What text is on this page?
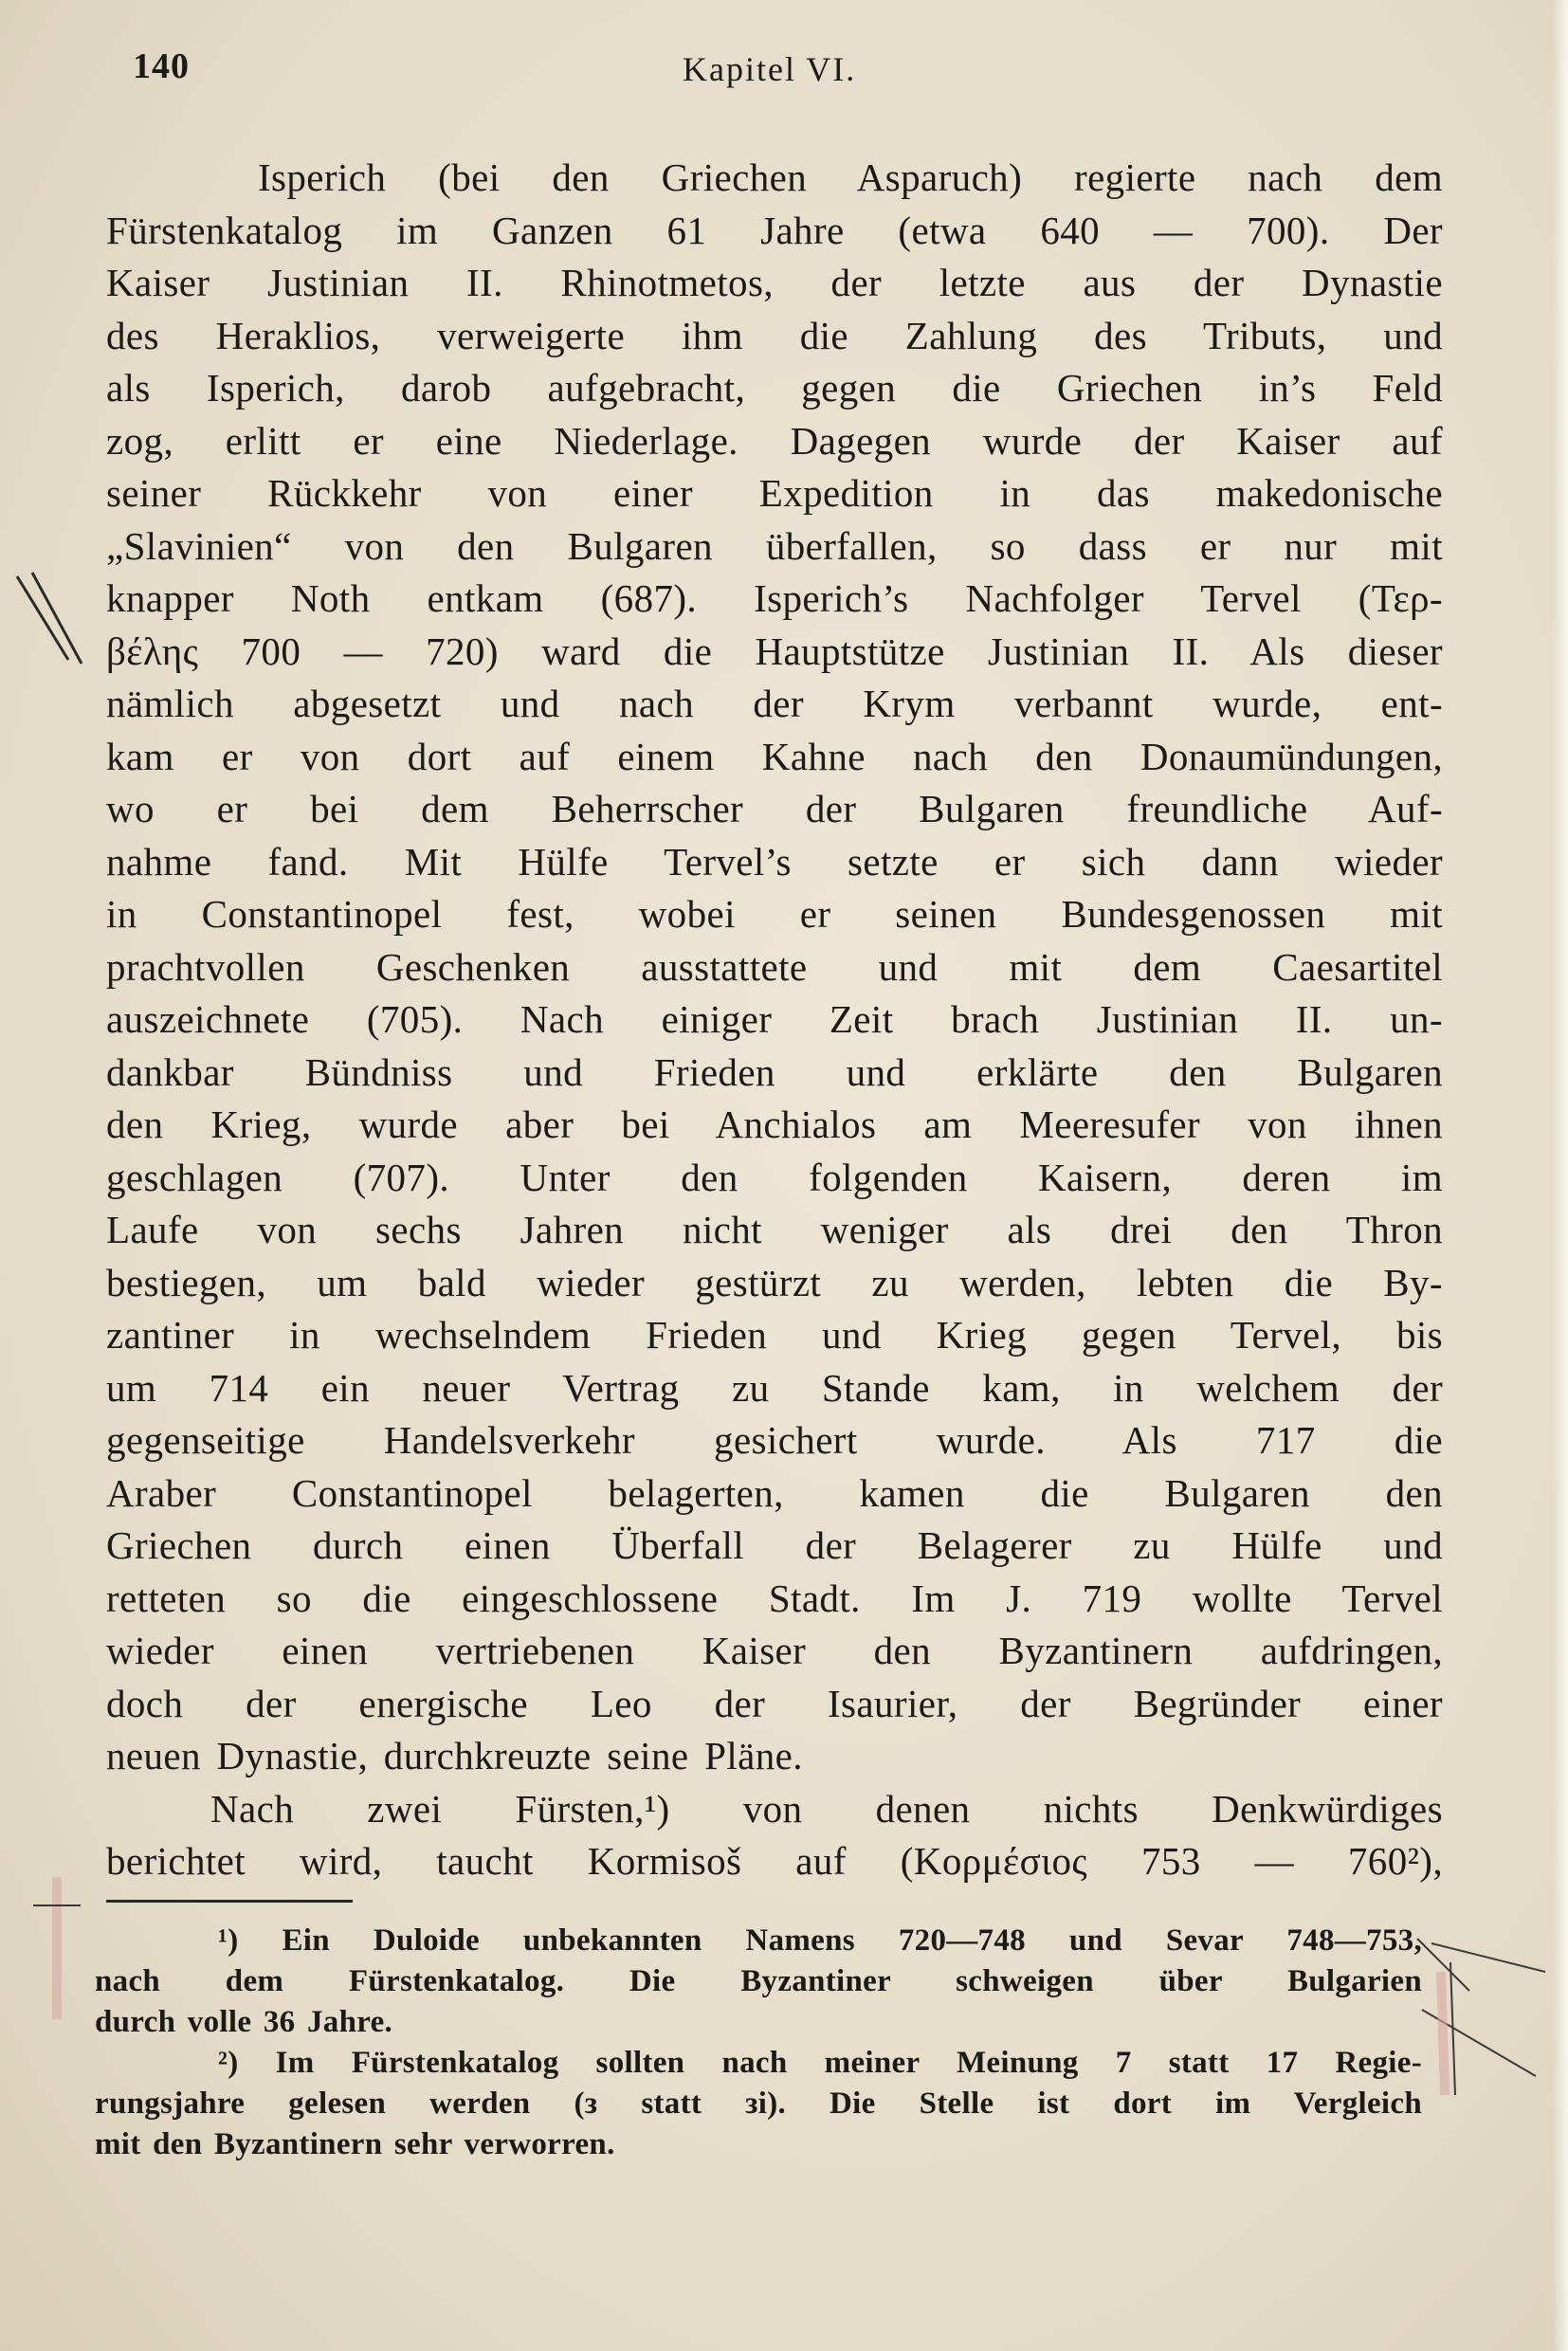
140	Kapitel VI.
Isperich (bei den Griechen Asparuch) regierte nach dem
Fürstenkatalog im Ganzen 61 Jahre (etwa 640 — 700). Der
Kaiser Justinian II. Rhinotmetos, der letzte aus der Dynastie
des Heraklios, verweigerte ihm die Zahlung des Tributs, und
als Isperich, darob aufgebracht, gegen die Griechen in’s Feld
zog, erlitt er eine Niederlage. Dagegen wurde der Kaiser auf
seiner Rückkehr von einer Expedition in das makedonische
„Slavinien“ von den Bulgaren überfallen, so dass er nur mit
knapper Noth entkam (687). Isperich’s Nachfolger Tervel (Τερ-
βέλης 700 — 720) ward die Hauptstütze Justinian II. Als dieser
nämlich abgesetzt und nach der Krym verbannt wurde, ent-
kam er von dort auf einem Kahne nach den Donaumündungen,
wo er bei dem Beherrscher der Bulgaren freundliche Auf-
nahme fand. Mit Hülfe Tervel’s setzte er sich dann wieder
in Constantinopel fest, wobei er seinen Bundesgenossen mit
prachtvollen Geschenken ausstattete und mit dem Caesartitel
auszeichnete (705). Nach einiger Zeit brach Justinian II. un-
dankbar Bündniss und Frieden und erklärte den Bulgaren
den Krieg, wurde aber bei Anchialos am Meeresufer von ihnen
geschlagen (707). Unter den folgenden Kaisern, deren im
Laufe von sechs Jahren nicht weniger als drei den Thron
bestiegen, um bald wieder gestürzt zu werden, lebten die By-
zantiner in wechselndem Frieden und Krieg gegen Tervel, bis
um 714 ein neuer Vertrag zu Stande kam, in welchem der
gegenseitige Handelsverkehr gesichert wurde. Als 717 die
Araber Constantinopel belagerten, kamen die Bulgaren den
Griechen durch einen Überfall der Belagerer zu Hülfe und
retteten so die eingeschlossene Stadt. Im J. 719 wollte Tervel
wieder einen vertriebenen Kaiser den Byzantinern aufdringen,
doch der energische Leo der Isaurier, der Begründer einer
neuen Dynastie, durchkreuzte seine Pläne.
Nach zwei Fürsten,¹) von denen nichts Denkwürdiges
berichtet wird, taucht Kormisoš auf (Κορμέσιος 753 — 760²),
¹) Ein Duloide unbekannten Namens 720—748 und Sevar 748—753,
nach dem Fürstenkatalog. Die Byzantiner schweigen über Bulgarien
durch volle 36 Jahre.
²) Im Fürstenkatalog sollten nach meiner Meinung 7 statt 17 Regie-
rungsjahre gelesen werden (з statt зі). Die Stelle ist dort im Vergleich
mit den Byzantinern sehr verworren.
